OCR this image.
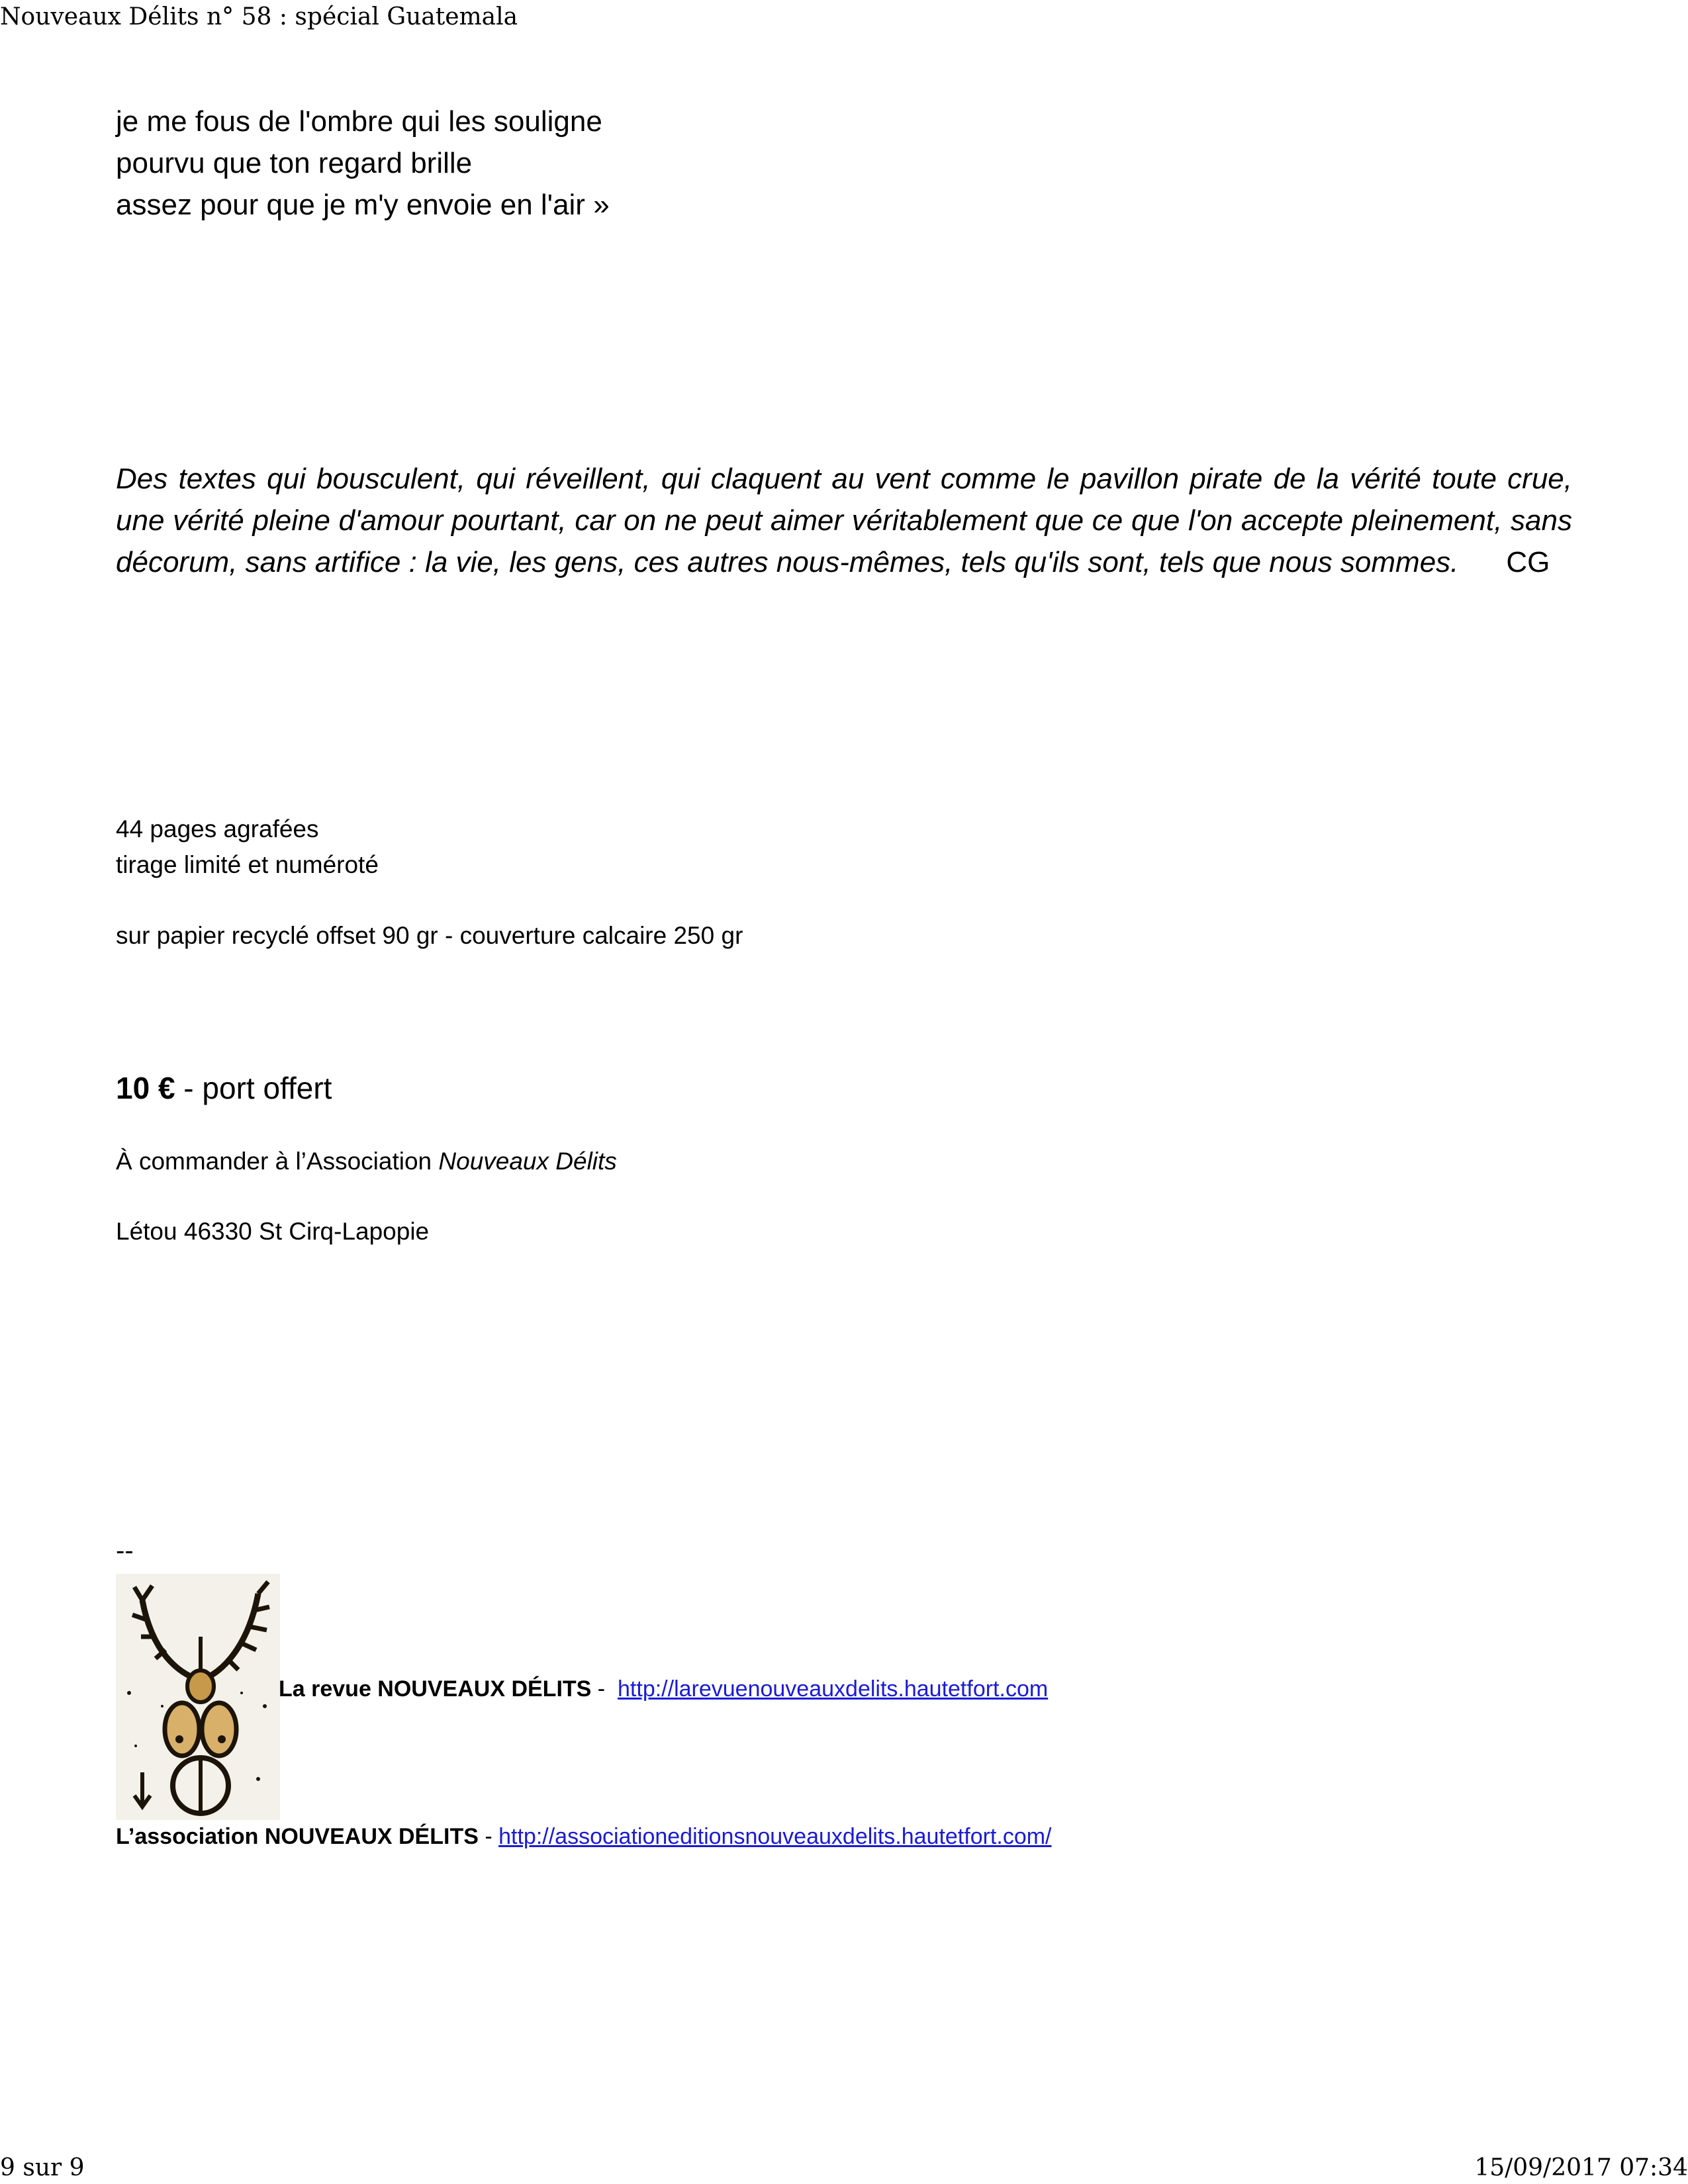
Nouveaux Délits n° 58 : spécial Guatemala
je me fous de l'ombre qui les souligne
pourvu que ton regard brille
assez pour que je m'y envoie en l'air »
Des textes qui bousculent, qui réveillent, qui claquent au vent comme le pavillon pirate de la vérité toute crue, une vérité pleine d'amour pourtant, car on ne peut aimer véritablement que ce que l'on accepte pleinement, sans décorum, sans artifice : la vie, les gens, ces autres nous-mêmes, tels qu'ils sont, tels que nous sommes. CG
44 pages agrafées
tirage limité et numéroté
sur papier recyclé offset 90 gr - couverture calcaire 250 gr
10 € - port offert
À commander à l’Association Nouveaux Délits
Létou 46330 St Cirq-Lapopie
--
La revue NOUVEAUX DÉLITS -  http://larevuenouveauxdelits.hautetfort.com
L’association NOUVEAUX DÉLITS - http://associationeditionsnouveauxdelits.hautetfort.com/
9 sur 9	15/09/2017 07:34
